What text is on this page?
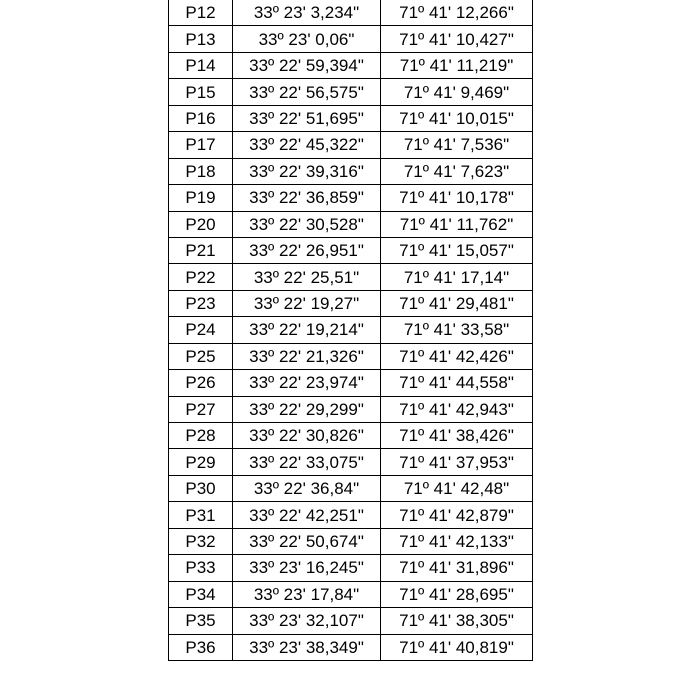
P12	33º 23' 3,234"	71º 41' 12,266"
P13	33º 23' 0,06"	71º 41' 10,427"
P14	33º 22' 59,394"	71º 41' 11,219"
P15	33º 22' 56,575"	71º 41' 9,469"
P16	33º 22' 51,695"	71º 41' 10,015"
P17	33º 22' 45,322"	71º 41' 7,536"
P18	33º 22' 39,316"	71º 41' 7,623"
P19	33º 22' 36,859"	71º 41' 10,178"
P20	33º 22' 30,528"	71º 41' 11,762"
P21	33º 22' 26,951"	71º 41' 15,057"
P22	33º 22' 25,51"	71º 41' 17,14"
P23	33º 22' 19,27"	71º 41' 29,481"
P24	33º 22' 19,214"	71º 41' 33,58"
P25	33º 22' 21,326"	71º 41' 42,426"
P26	33º 22' 23,974"	71º 41' 44,558"
P27	33º 22' 29,299"	71º 41' 42,943"
P28	33º 22' 30,826"	71º 41' 38,426"
P29	33º 22' 33,075"	71º 41' 37,953"
P30	33º 22' 36,84"	71º 41' 42,48"
P31	33º 22' 42,251"	71º 41' 42,879"
P32	33º 22' 50,674"	71º 41' 42,133"
P33	33º 23' 16,245"	71º 41' 31,896"
P34	33º 23' 17,84"	71º 41' 28,695"
P35	33º 23' 32,107"	71º 41' 38,305"
P36	33º 23' 38,349"	71º 41' 40,819"
